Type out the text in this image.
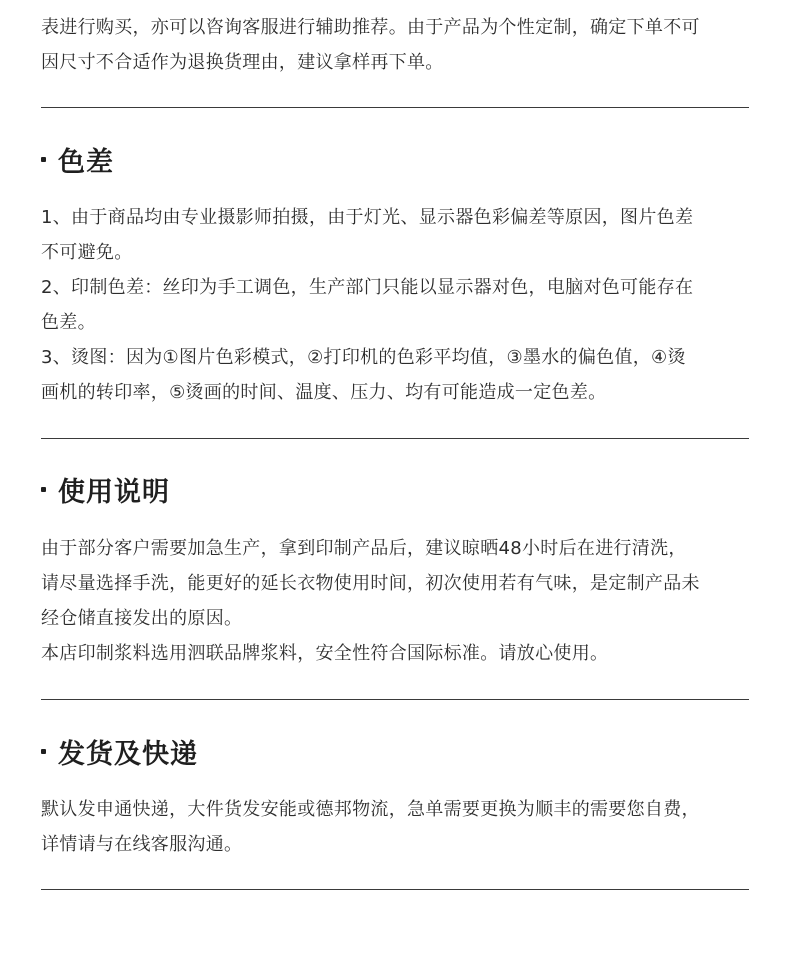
表进行购买，亦可以咨询客服进行辅助推荐。由于产品为个性定制，确定下单不可

因尺寸不合适作为退换货理由，建议拿样再下单。

色差

1、由于商品均由专业摄影师拍摄，由于灯光、显示器色彩偏差等原因，图片色差

不可避免。

2、印制色差：丝印为手工调色，生产部门只能以显示器对色，电脑对色可能存在

色差。

3、烫图：因为①图片色彩模式，②打印机的色彩平均值，③墨水的偏色值，④烫

画机的转印率，⑤烫画的时间、温度、压力、均有可能造成一定色差。

使用说明

由于部分客户需要加急生产，拿到印制产品后，建议晾晒48小时后在进行清洗，

请尽量选择手洗，能更好的延长衣物使用时间，初次使用若有气味，是定制产品未

经仓储直接发出的原因。

本店印制浆料选用泗联品牌浆料，安全性符合国际标准。请放心使用。

发货及快递

默认发申通快递，大件货发安能或德邦物流，急单需要更换为顺丰的需要您自费，

详情请与在线客服沟通。
